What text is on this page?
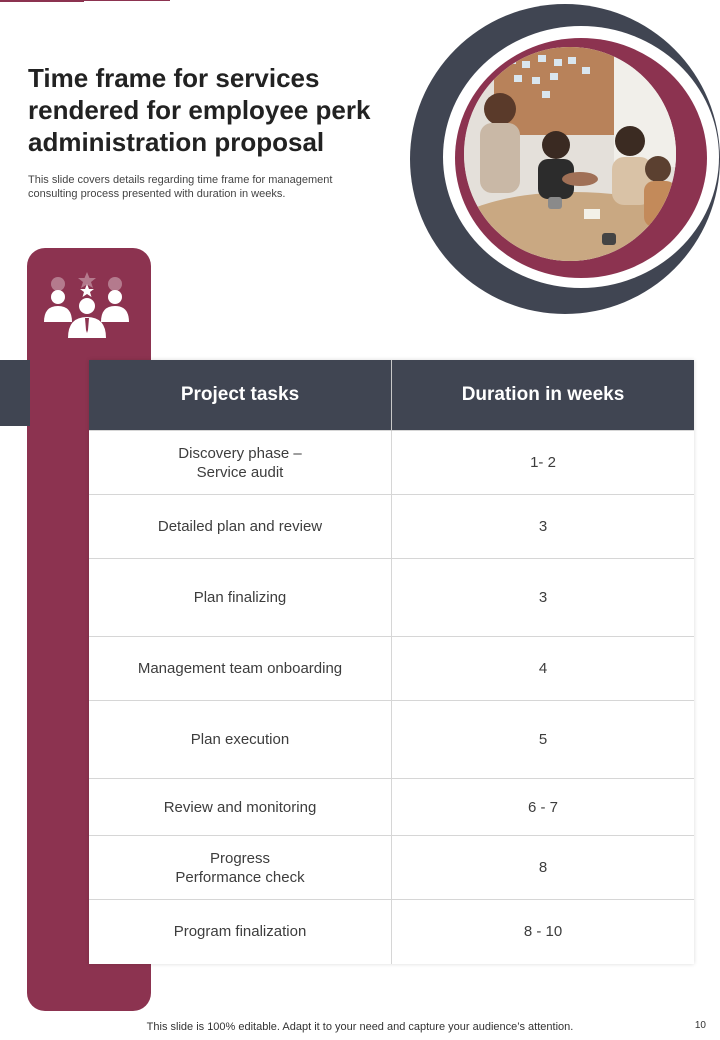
Time frame for services rendered for employee perk administration proposal

This slide covers details regarding time frame for management consulting process presented with duration in weeks.

Project tasks	Duration in weeks
Discovery phase –
Service audit	1- 2
Detailed plan and review	3
Plan finalizing	3
Management team onboarding	4
Plan execution	5
Review and monitoring	6 - 7
Progress
Performance check	8
Program finalization	8 - 10
This slide is 100% editable. Adapt it to your need and capture your audience’s attention.	10
